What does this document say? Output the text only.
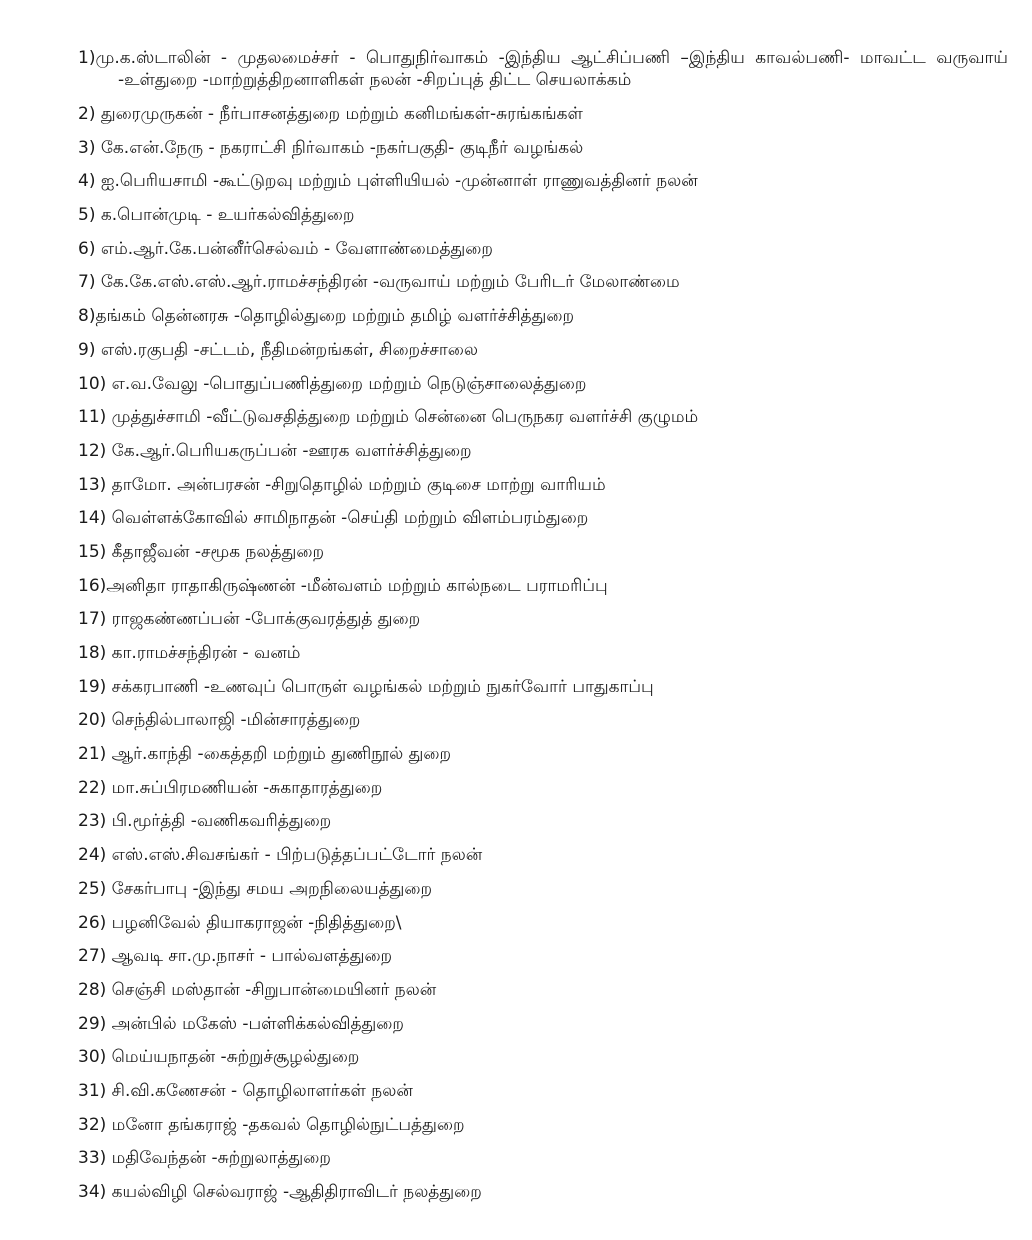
1)மு.க.ஸ்டாலின் - முதலமைச்சர் - பொதுநிர்வாகம் -இந்திய ஆட்சிப்பணி –இந்திய காவல்பணி- மாவட்ட வருவாய் -உள்துறை -மாற்றுத்திறனாளிகள் நலன் -சிறப்புத் திட்ட செயலாக்கம்
2) துரைமுருகன் - நீர்பாசனத்துறை மற்றும் கனிமங்கள்-சுரங்கங்கள்
3) கே.என்.நேரு - நகராட்சி நிர்வாகம் -நகர்பகுதி- குடிநீர் வழங்கல்
4) ஐ.பெரியசாமி -கூட்டுறவு மற்றும் புள்ளியியல் -முன்னாள் ராணுவத்தினர் நலன்
5) க.பொன்முடி - உயர்கல்வித்துறை
6) எம்.ஆர்.கே.பன்னீர்செல்வம் - வேளாண்மைத்துறை
7) கே.கே.எஸ்.எஸ்.ஆர்.ராமச்சந்திரன் -வருவாய் மற்றும் பேரிடர் மேலாண்மை
8)தங்கம் தென்னரசு -தொழில்துறை மற்றும் தமிழ் வளர்ச்சித்துறை
9) எஸ்.ரகுபதி -சட்டம், நீதிமன்றங்கள், சிறைச்சாலை
10) எ.வ.வேலு -பொதுப்பணித்துறை மற்றும் நெடுஞ்சாலைத்துறை
11) முத்துச்சாமி -வீட்டுவசதித்துறை மற்றும் சென்னை பெருநகர வளர்ச்சி குழுமம்
12) கே.ஆர்.பெரியகருப்பன் -ஊரக வளர்ச்சித்துறை
13) தாமோ. அன்பரசன் -சிறுதொழில் மற்றும் குடிசை மாற்று வாரியம்
14) வெள்ளக்கோவில் சாமிநாதன் -செய்தி மற்றும் விளம்பரம்துறை
15) கீதாஜீவன் -சமூக நலத்துறை
16)அனிதா ராதாகிருஷ்ணன் -மீன்வளம் மற்றும் கால்நடை பராமரிப்பு
17) ராஜகண்ணப்பன் -போக்குவரத்துத் துறை
18) கா.ராமச்சந்திரன் - வனம்
19) சக்கரபாணி -உணவுப் பொருள் வழங்கல் மற்றும் நுகர்வோர் பாதுகாப்பு
20) செந்தில்பாலாஜி -மின்சாரத்துறை
21) ஆர்.காந்தி -கைத்தறி மற்றும் துணிநூல் துறை
22) மா.சுப்பிரமணியன் -சுகாதாரத்துறை
23) பி.மூர்த்தி -வணிகவரித்துறை
24) எஸ்.எஸ்.சிவசங்கர் - பிற்படுத்தப்பட்டோர் நலன்
25) சேகர்பாபு -இந்து சமய அறநிலையத்துறை
26) பழனிவேல் தியாகராஜன் -நிதித்துறை\
27) ஆவடி சா.மு.நாசர் - பால்வளத்துறை
28) செஞ்சி மஸ்தான் -சிறுபான்மையினர் நலன்
29) அன்பில் மகேஸ் -பள்ளிக்கல்வித்துறை
30) மெய்யநாதன் -சுற்றுச்சூழல்துறை
31) சி.வி.கணேசன் - தொழிலாளர்கள் நலன்
32) மனோ தங்கராஜ் -தகவல் தொழில்நுட்பத்துறை
33) மதிவேந்தன் -சுற்றுலாத்துறை
34) கயல்விழி செல்வராஜ் -ஆதிதிராவிடர் நலத்துறை
